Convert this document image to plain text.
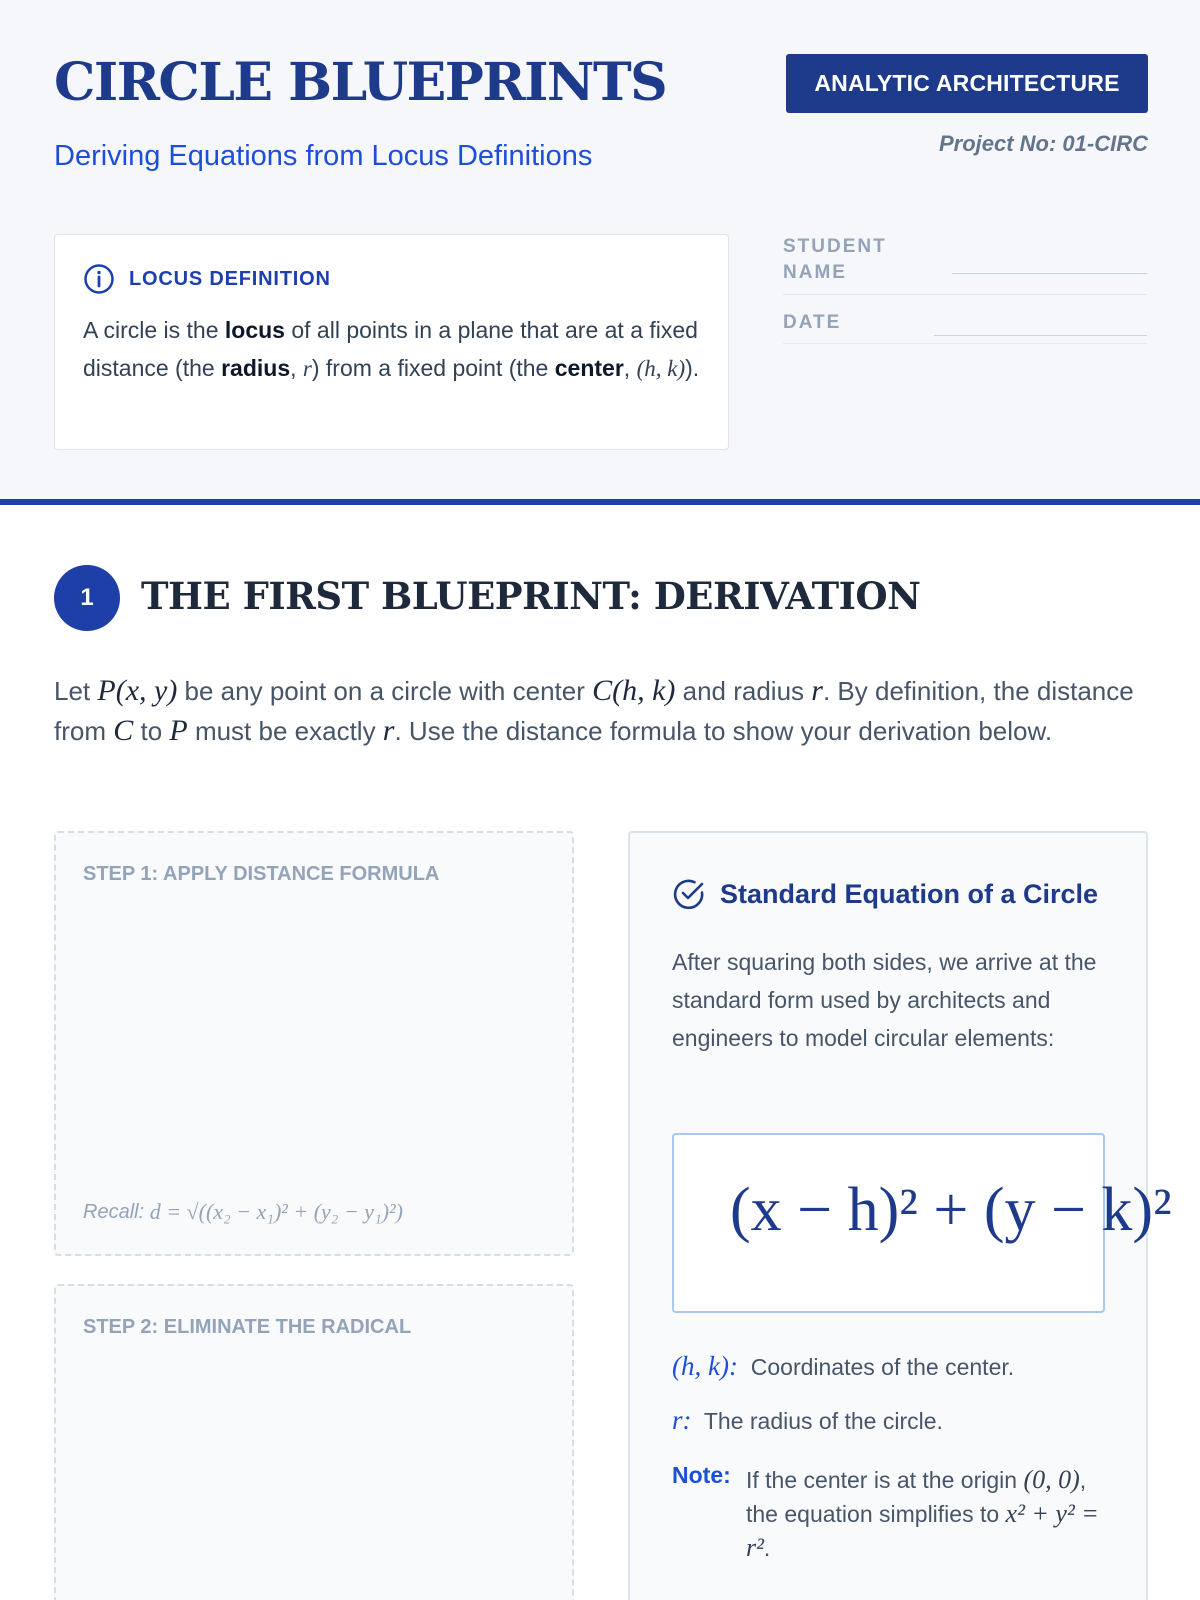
CIRCLE BLUEPRINTS
Deriving Equations from Locus Definitions
ANALYTIC ARCHITECTURE
Project No: 01-CIRC
LOCUS DEFINITION
A circle is the locus of all points in a plane that are at a fixed distance (the radius, r) from a fixed point (the center, (h, k)).
STUDENT NAME
DATE
1	THE FIRST BLUEPRINT: DERIVATION
Let P(x, y) be any point on a circle with center C(h, k) and radius r. By definition, the distance from C to P must be exactly r. Use the distance formula to show your derivation below.
STEP 1: APPLY DISTANCE FORMULA
Recall:
d = √((x₂ − x₁)² + (y₂ − y₁)²)
STEP 2: ELIMINATE THE RADICAL
Standard Equation of a Circle
After squaring both sides, we arrive at the standard form used by architects and engineers to model circular elements:
(x − h)² + (y − k)²
(h, k): Coordinates of the center.
r: The radius of the circle.
Note: If the center is at the origin (0, 0), the equation simplifies to x² + y² = r².
